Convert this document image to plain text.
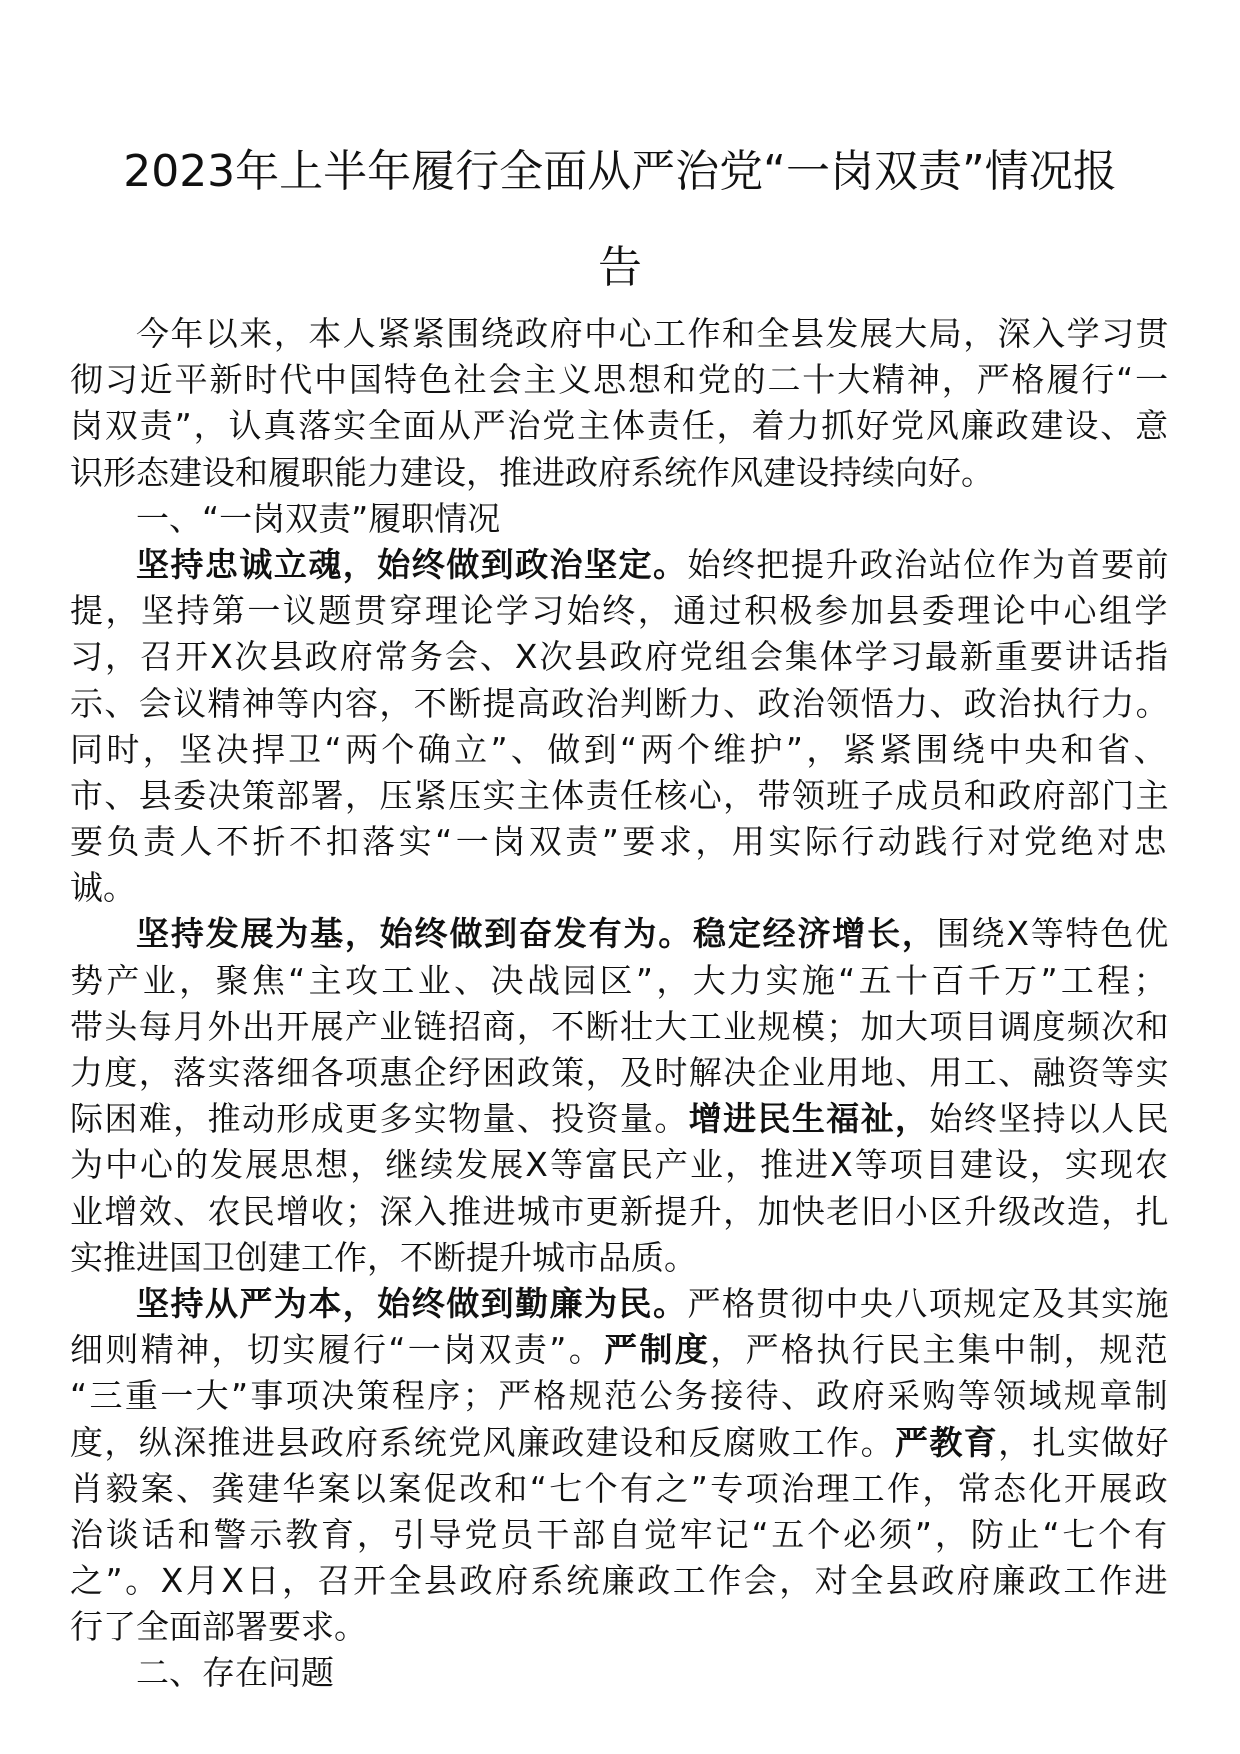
2023年上半年履行全面从严治党“一岗双责”情况报
告
今年以来，本人紧紧围绕政府中心工作和全县发展大局，深入学习贯
彻习近平新时代中国特色社会主义思想和党的二十大精神，严格履行“一
岗双责”，认真落实全面从严治党主体责任，着力抓好党风廉政建设、意
识形态建设和履职能力建设，推进政府系统作风建设持续向好。
一、“一岗双责”履职情况
坚持忠诚立魂，始终做到政治坚定。始终把提升政治站位作为首要前
提，坚持第一议题贯穿理论学习始终，通过积极参加县委理论中心组学
习，召开X次县政府常务会、X次县政府党组会集体学习最新重要讲话指
示、会议精神等内容，不断提高政治判断力、政治领悟力、政治执行力。
同时，坚决捍卫“两个确立”、做到“两个维护”，紧紧围绕中央和省、
市、县委决策部署，压紧压实主体责任核心，带领班子成员和政府部门主
要负责人不折不扣落实“一岗双责”要求，用实际行动践行对党绝对忠
诚。
坚持发展为基，始终做到奋发有为。稳定经济增长，围绕X等特色优
势产业，聚焦“主攻工业、决战园区”，大力实施“五十百千万”工程；
带头每月外出开展产业链招商，不断壮大工业规模；加大项目调度频次和
力度，落实落细各项惠企纾困政策，及时解决企业用地、用工、融资等实
际困难，推动形成更多实物量、投资量。增进民生福祉，始终坚持以人民
为中心的发展思想，继续发展X等富民产业，推进X等项目建设，实现农
业增效、农民增收；深入推进城市更新提升，加快老旧小区升级改造，扎
实推进国卫创建工作，不断提升城市品质。
坚持从严为本，始终做到勤廉为民。严格贯彻中央八项规定及其实施
细则精神，切实履行“一岗双责”。严制度，严格执行民主集中制，规范
“三重一大”事项决策程序；严格规范公务接待、政府采购等领域规章制
度，纵深推进县政府系统党风廉政建设和反腐败工作。严教育，扎实做好
肖毅案、龚建华案以案促改和“七个有之”专项治理工作，常态化开展政
治谈话和警示教育，引导党员干部自觉牢记“五个必须”，防止“七个有
之”。X月X日，召开全县政府系统廉政工作会，对全县政府廉政工作进
行了全面部署要求。
二、存在问题
